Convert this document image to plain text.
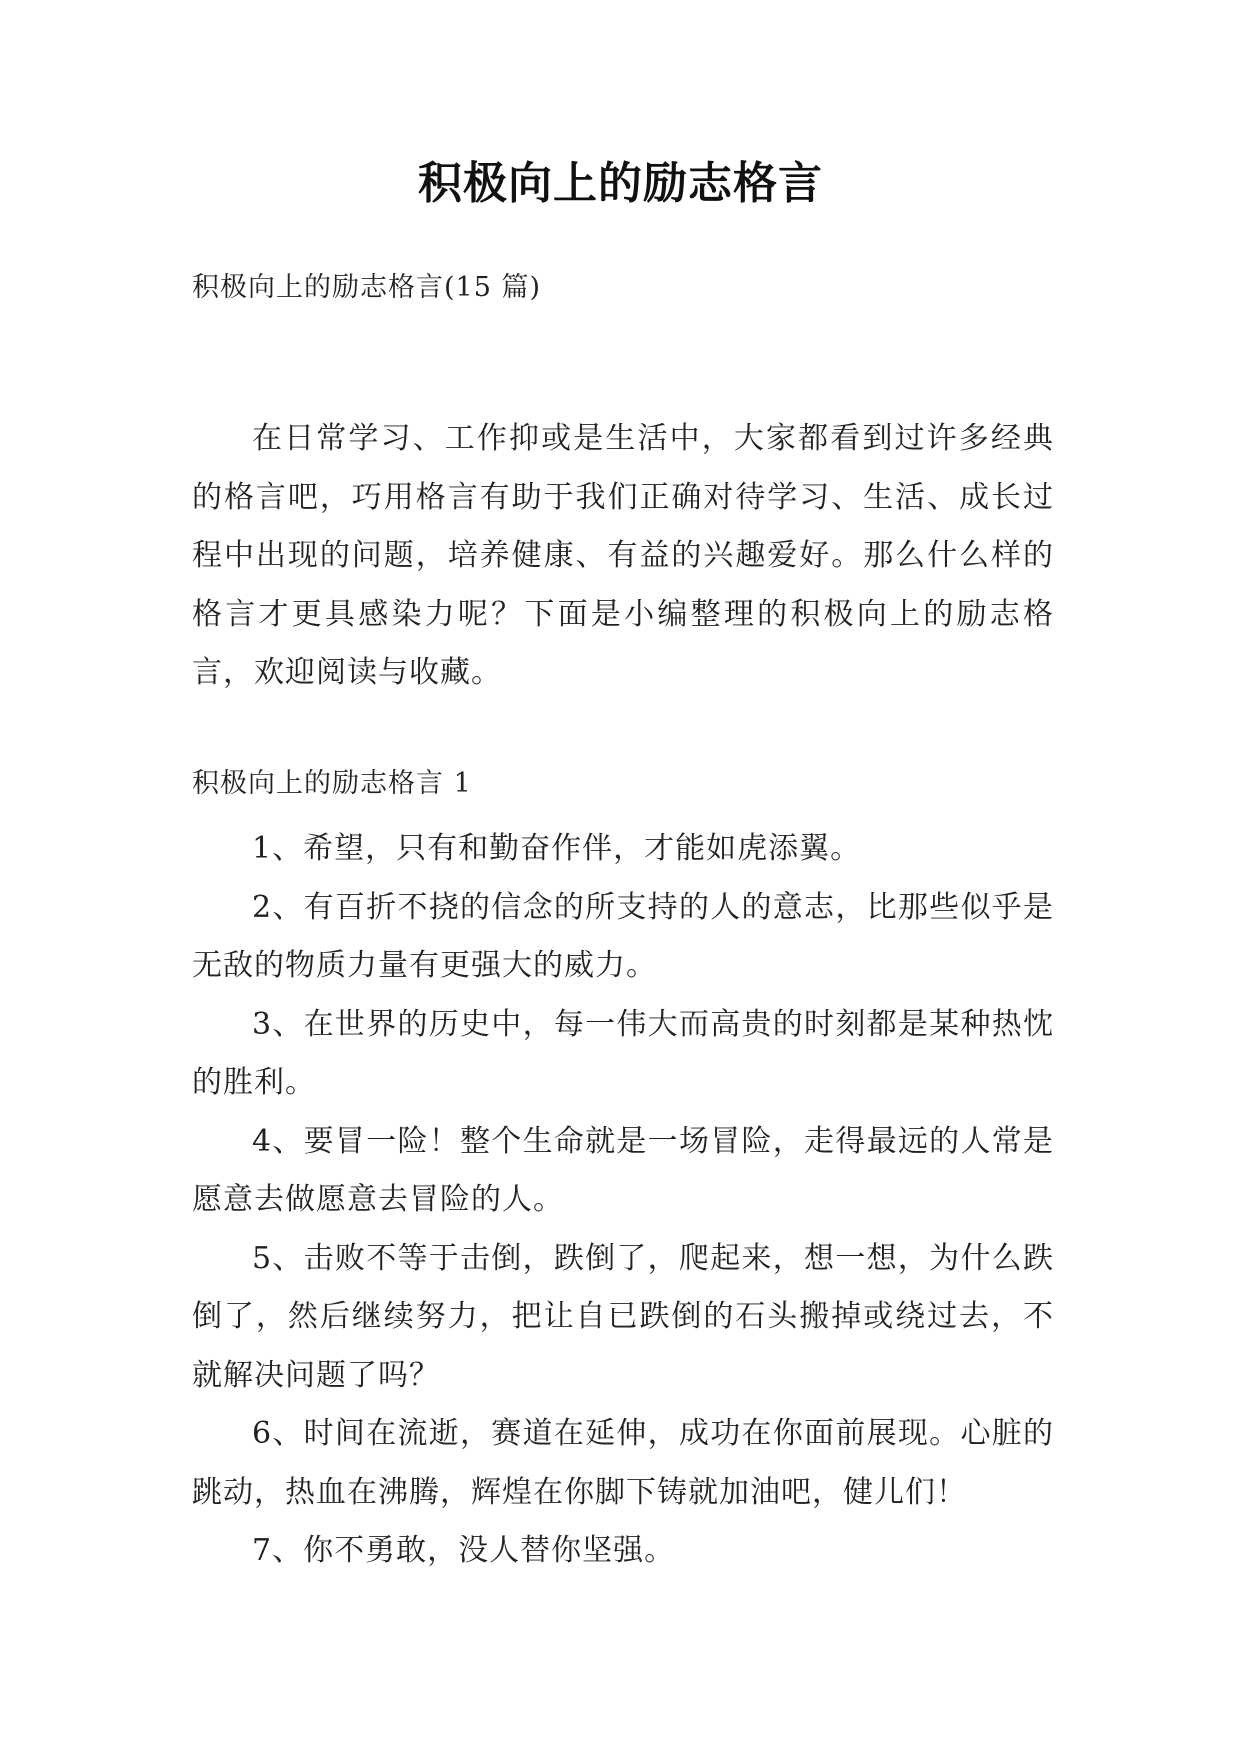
积极向上的励志格言
积极向上的励志格言(15 篇)

在日常学习、工作抑或是生活中，大家都看到过许多经典的格言吧，巧用格言有助于我们正确对待学习、生活、成长过程中出现的问题，培养健康、有益的兴趣爱好。那么什么样的格言才更具感染力呢？下面是小编整理的积极向上的励志格言，欢迎阅读与收藏。

积极向上的励志格言 1

1、希望，只有和勤奋作伴，才能如虎添翼。

2、有百折不挠的信念的所支持的人的意志，比那些似乎是无敌的物质力量有更强大的威力。

3、在世界的历史中，每一伟大而高贵的时刻都是某种热忱的胜利。

4、要冒一险！整个生命就是一场冒险，走得最远的人常是愿意去做愿意去冒险的人。

5、击败不等于击倒，跌倒了，爬起来，想一想，为什么跌倒了，然后继续努力，把让自已跌倒的石头搬掉或绕过去，不就解决问题了吗？

6、时间在流逝，赛道在延伸，成功在你面前展现。心脏的跳动，热血在沸腾，辉煌在你脚下铸就加油吧，健儿们！

7、你不勇敢，没人替你坚强。
